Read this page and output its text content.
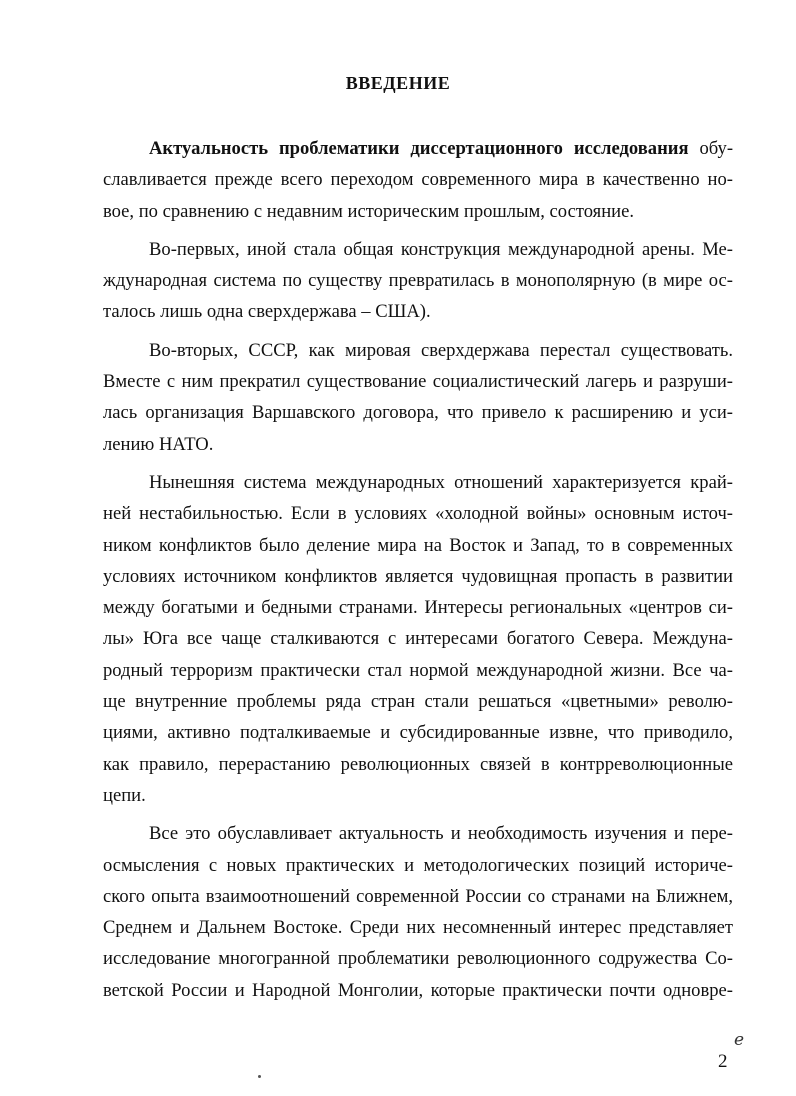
ВВЕДЕНИЕ
Актуальность проблематики диссертационного исследования обу-
славливается прежде всего переходом современного мира в качественно но-
вое, по сравнению с недавним историческим прошлым, состояние.
Во-первых, иной стала общая конструкция международной арены. Ме-
ждународная система по существу превратилась в монополярную (в мире ос-
талось лишь одна сверхдержава – США).
Во-вторых, СССР, как мировая сверхдержава перестал существовать.
Вместе с ним прекратил существование социалистический лагерь и разруши-
лась организация Варшавского договора, что привело к расширению и уси-
лению НАТО.
Нынешняя система международных отношений характеризуется край-
ней нестабильностью. Если в условиях «холодной войны» основным источ-
ником конфликтов было деление мира на Восток и Запад, то в современных
условиях источником конфликтов является чудовищная пропасть в развитии
между богатыми и бедными странами. Интересы региональных «центров си-
лы» Юга все чаще сталкиваются с интересами богатого Севера. Междуна-
родный терроризм практически стал нормой международной жизни. Все ча-
ще внутренние проблемы ряда стран стали решаться «цветными» револю-
циями, активно подталкиваемые и субсидированные извне, что приводило,
как правило, перерастанию революционных связей в контрреволюционные
цепи.
Все это обуславливает актуальность и необходимость изучения и пере-
осмысления с новых практических и методологических позиций историче-
ского опыта взаимоотношений современной России со странами на Ближнем,
Среднем и Дальнем Востоке. Среди них несомненный интерес представляет
исследование многогранной проблематики революционного содружества Со-
ветской России и Народной Монголии, которые практически почти одновре-
2
е
